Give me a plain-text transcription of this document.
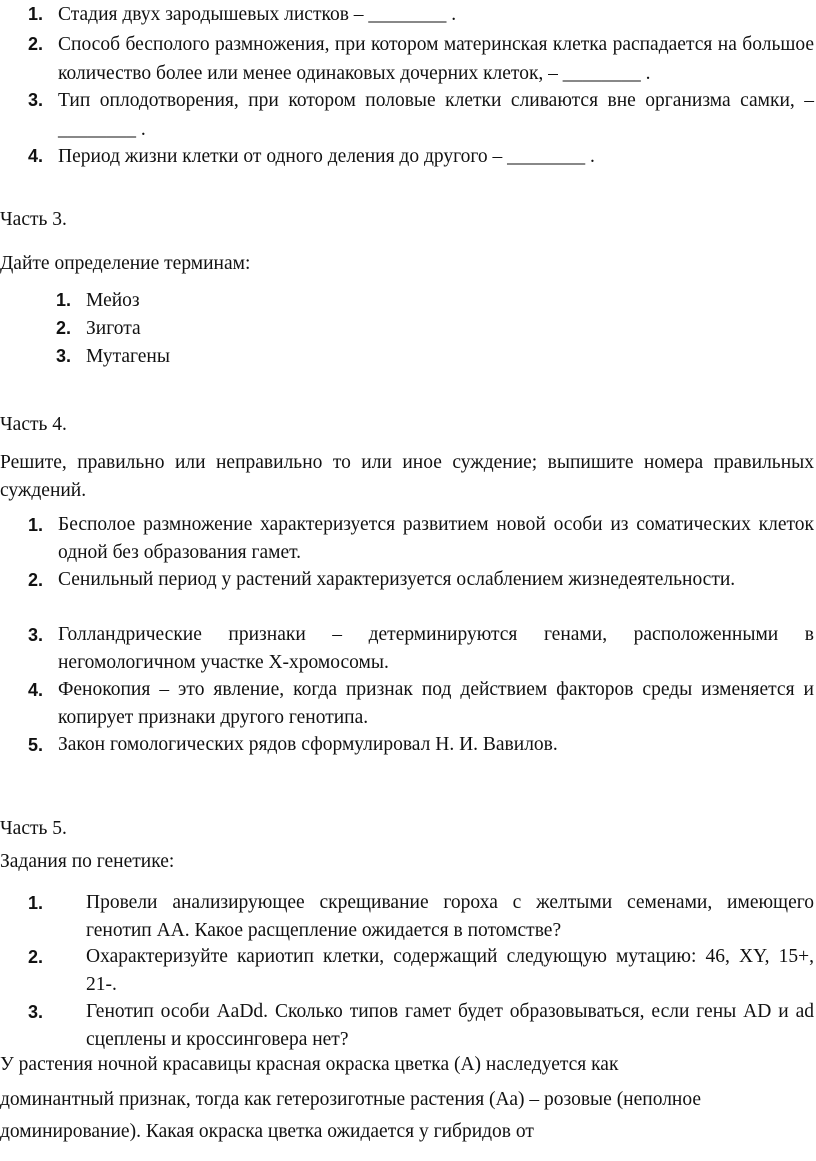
1. Стадия двух зародышевых листков – ________ .
2. Способ бесполого размножения, при котором материнская клетка распадается на большое количество более или менее одинаковых дочерних клеток, – ________ .
3. Тип оплодотворения, при котором половые клетки сливаются вне организма самки, – ________ .
4. Период жизни клетки от одного деления до другого – ________ .
Часть 3.
Дайте определение терминам:
1. Мейоз
2. Зигота
3. Мутагены
Часть 4.
Решите, правильно или неправильно то или иное суждение; выпишите номера правильных суждений.
1. Бесполое размножение характеризуется развитием новой особи из соматических клеток одной без образования гамет.
2. Сенильный период у растений характеризуется ослаблением жизнедеятельности.
3. Голландрические признаки – детерминируются генами, расположенными в негомологичном участке Х-хромосомы.
4. Фенокопия – это явление, когда признак под действием факторов среды изменяется и копирует признаки другого генотипа.
5. Закон гомологических рядов сформулировал Н. И. Вавилов.
Часть 5.
Задания по генетике:
1. Провели анализирующее скрещивание гороха с желтыми семенами, имеющего генотип АА. Какое расщепление ожидается в потомстве?
2. Охарактеризуйте кариотип клетки, содержащий следующую мутацию: 46, XY, 15+, 21-.
3. Генотип особи AaDd. Сколько типов гамет будет образовываться, если гены AD и ad сцеплены и кроссинговера нет?
У растения ночной красавицы красная окраска цветка (А) наследуется как
доминантный признак, тогда как гетерозиготные растения (Аа) – розовые (неполное
доминирование). Какая окраска цветка ожидается у гибридов от
